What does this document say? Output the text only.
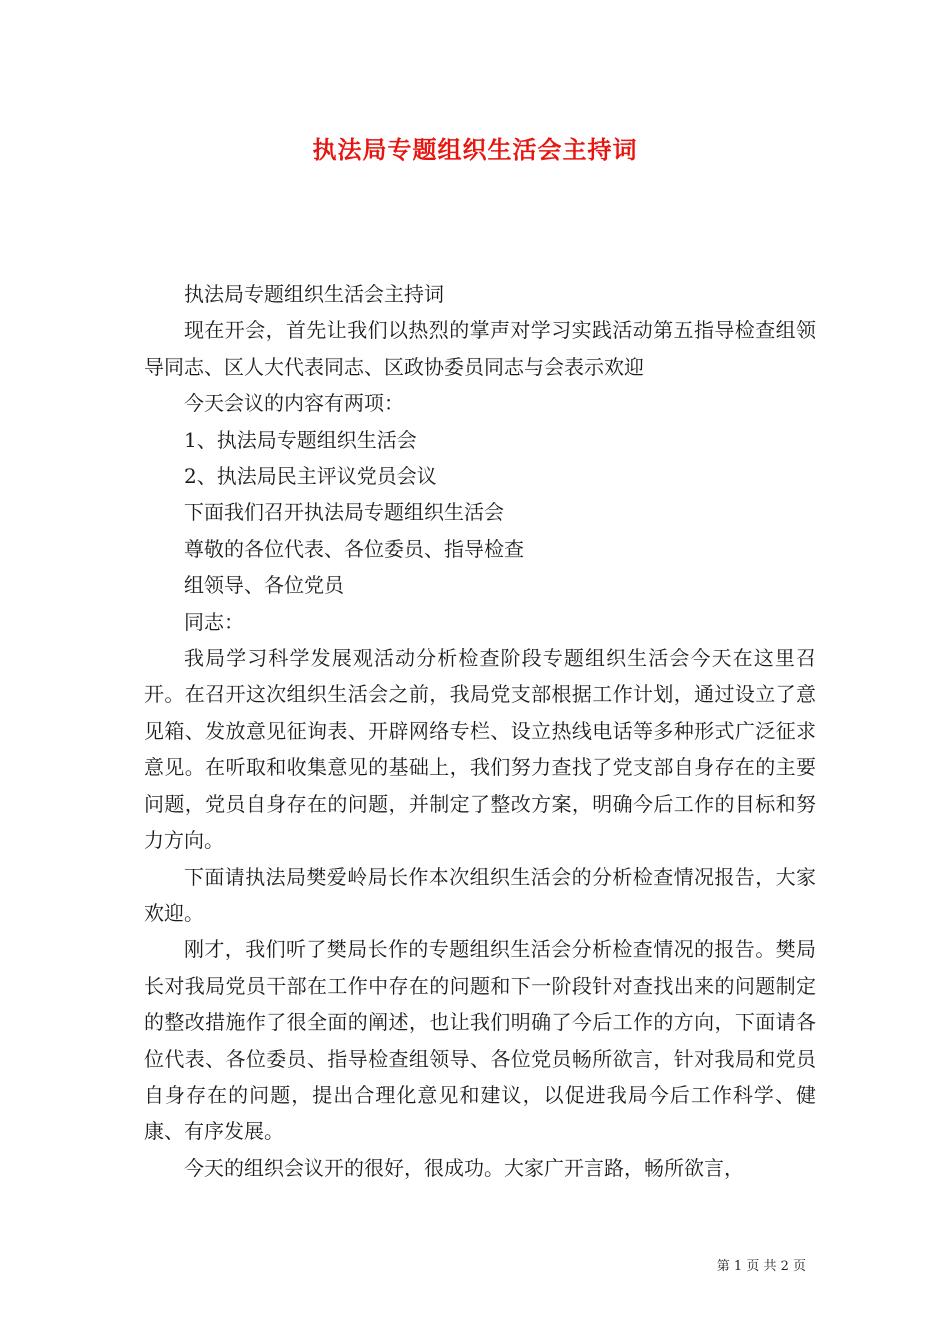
执法局专题组织生活会主持词

执法局专题组织生活会主持词

现在开会，首先让我们以热烈的掌声对学习实践活动第五指导检查组领导同志、区人大代表同志、区政协委员同志与会表示欢迎

今天会议的内容有两项：

1、执法局专题组织生活会

2、执法局民主评议党员会议

下面我们召开执法局专题组织生活会

尊敬的各位代表、各位委员、指导检查

组领导、各位党员

同志：

我局学习科学发展观活动分析检查阶段专题组织生活会今天在这里召开。在召开这次组织生活会之前，我局党支部根据工作计划，通过设立了意见箱、发放意见征询表、开辟网络专栏、设立热线电话等多种形式广泛征求意见。在听取和收集意见的基础上，我们努力查找了党支部自身存在的主要问题，党员自身存在的问题，并制定了整改方案，明确今后工作的目标和努力方向。

下面请执法局樊爱岭局长作本次组织生活会的分析检查情况报告，大家欢迎。

刚才，我们听了樊局长作的专题组织生活会分析检查情况的报告。樊局长对我局党员干部在工作中存在的问题和下一阶段针对查找出来的问题制定的整改措施作了很全面的阐述，也让我们明确了今后工作的方向，下面请各位代表、各位委员、指导检查组领导、各位党员畅所欲言，针对我局和党员自身存在的问题，提出合理化意见和建议，以促进我局今后工作科学、健康、有序发展。

今天的组织会议开的很好，很成功。大家广开言路，畅所欲言，

第 1 页 共 2 页
